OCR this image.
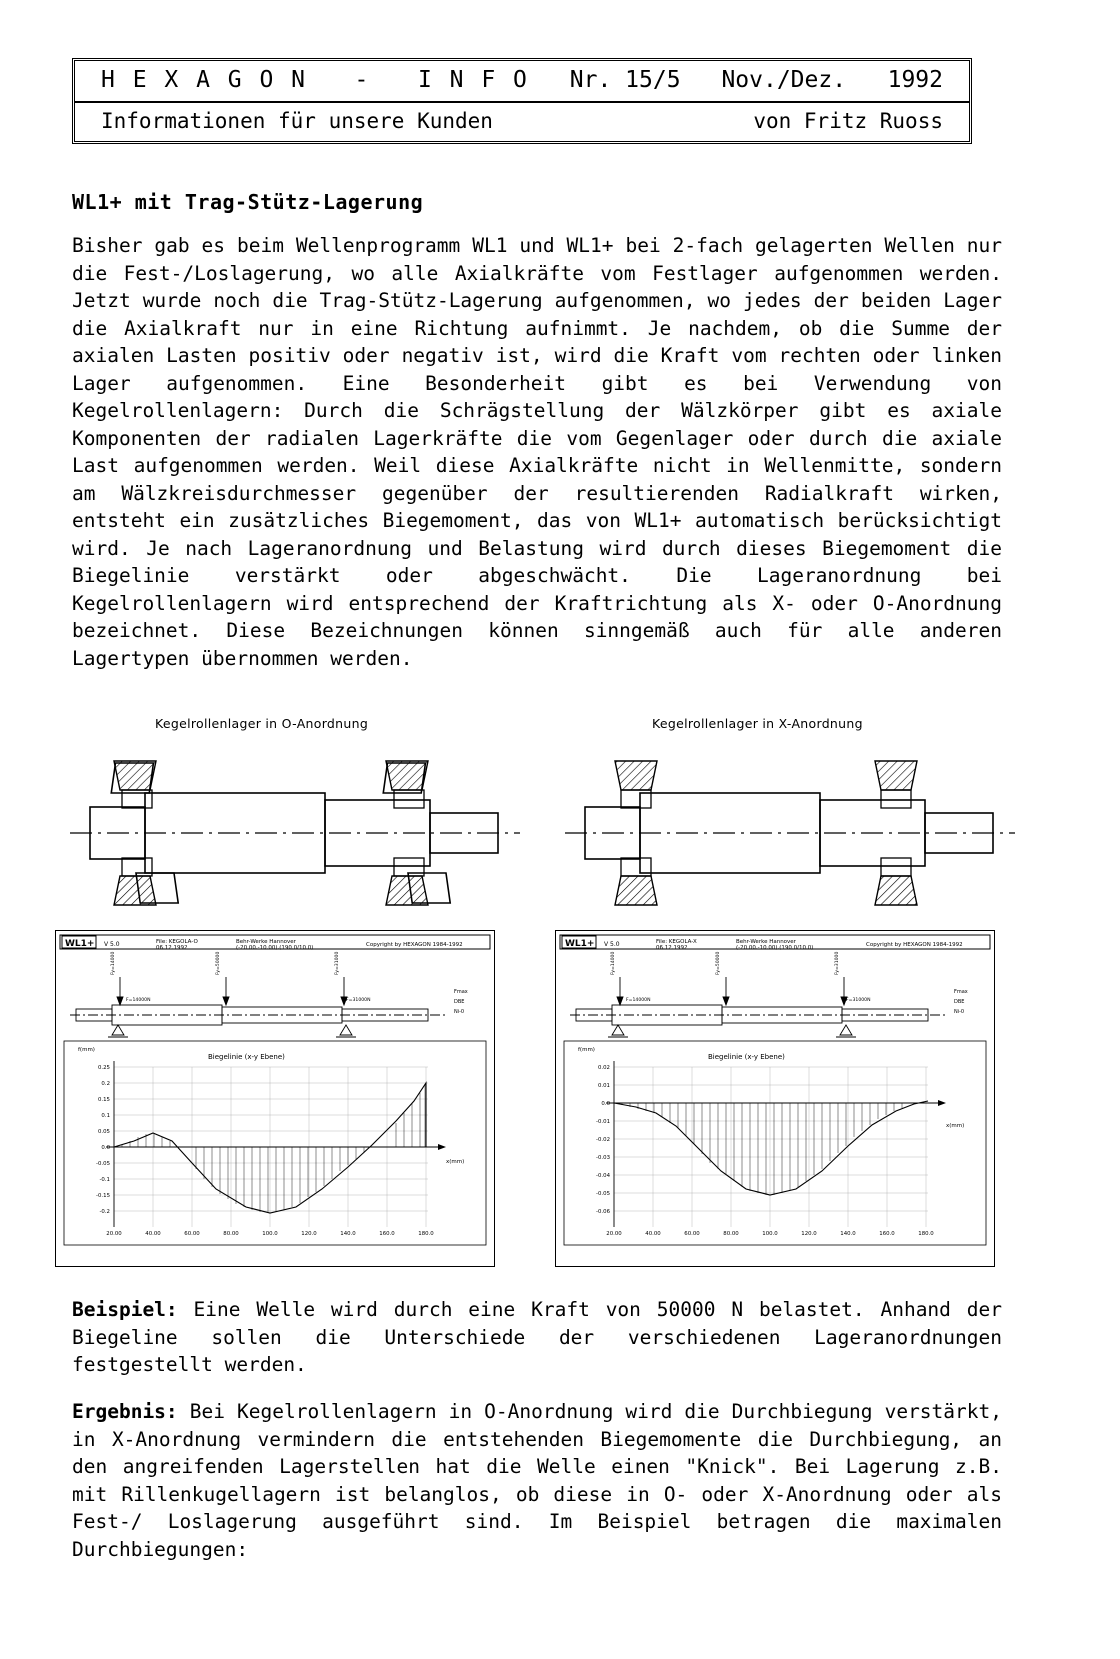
H E X A G O N   -   I N F O Nr. 15/5 Nov./Dez.   1992
Informationen für unsere Kunden	von Fritz Ruoss
WL1+ mit Trag-Stütz-Lagerung
Bisher gab es beim Wellenprogramm WL1 und WL1+ bei 2-fach gelagerten Wellen nur die Fest-/Loslagerung, wo alle Axialkräfte vom Festlager aufgenommen werden. Jetzt wurde noch die Trag-Stütz-Lagerung aufgenommen, wo jedes der beiden Lager die Axialkraft nur in eine Richtung aufnimmt. Je nachdem, ob die Summe der axialen Lasten positiv oder negativ ist, wird die Kraft vom rechten oder linken Lager aufgenommen. Eine Besonderheit gibt es bei Verwendung von Kegelrollenlagern: Durch die Schrägstellung der Wälzkörper gibt es axiale Komponenten der radialen Lagerkräfte die vom Gegenlager oder durch die axiale Last aufgenommen werden. Weil diese Axialkräfte nicht in Wellenmitte, sondern am Wälzkreisdurchmesser gegenüber der resultierenden Radialkraft wirken, entsteht ein zusätzliches Biegemoment, das von WL1+ automatisch berücksichtigt wird. Je nach Lageranordnung und Belastung wird durch dieses Biegemoment die Biegelinie verstärkt oder abgeschwächt. Die Lageranordnung bei Kegelrollenlagern wird entsprechend der Kraftrichtung als X- oder O-Anordnung bezeichnet. Diese Bezeichnungen können sinngemäß auch für alle anderen Lagertypen übernommen werden.
Kegelrollenlager in O-Anordnung	Kegelrollenlager in X-Anordnung
WL1+ V 5.0	File: KEGOLA-O
06.12.1992
Behr-Werke Hannover
(-20.00,-10.00),(190.0/10.0)	Copyright by HEXAGON 1984-1992
Fy=14000	Fy=50000	Fy=31000
F=14000N	F=31000N
Fmax
DBE
Ni-0
Biegelinie (x-y Ebene)
f(mm)
x(mm)
0.25
0.2
0.15
0.1
0.05
0.0
-0.05
-0.1
-0.15
-0.2
20.00	40.00	60.00	80.00	100.0	120.0	140.0	160.0	180.0
WL1+ V 5.0	File: KEGOLA-X
06.12.1992
Behr-Werke Hannover
(-20.00,-10.00),(190.0/10.0)	Copyright by HEXAGON 1984-1992
Fy=14000	Fy=50000	Fy=31000
F=14000N	F=31000N
Fmax
DBE
Ni-0
Biegelinie (x-y Ebene)
f(mm)
x(mm)
0.02
0.01
0.0
-0.01
-0.02
-0.03
-0.04
-0.05
-0.06
20.00	40.00	60.00	80.00	100.0	120.0	140.0	160.0	180.0
Beispiel: Eine Welle wird durch eine Kraft von 50000 N belastet. Anhand der Biegeline sollen die Unterschiede der verschiedenen Lageranordnungen festgestellt werden.
Ergebnis: Bei Kegelrollenlagern in O-Anordnung wird die Durchbiegung verstärkt, in X-Anordnung vermindern die entstehenden Biegemomente die Durchbiegung, an den angreifenden Lagerstellen hat die Welle einen "Knick". Bei Lagerung z.B. mit Rillenkugellagern ist belanglos, ob diese in O- oder X-Anordnung oder als Fest-/ Loslagerung ausgeführt sind. Im Beispiel betragen die maximalen Durchbiegungen:
